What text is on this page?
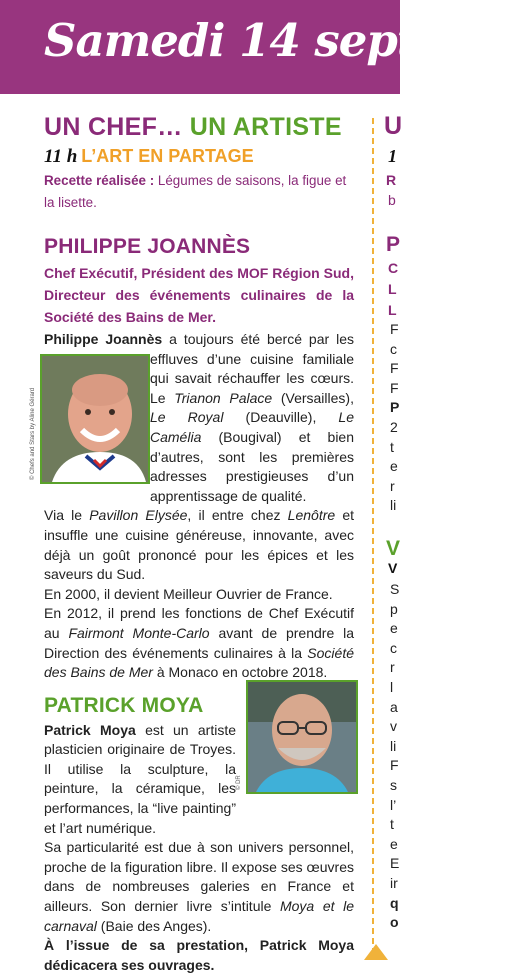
Samedi 14 septemb
UN CHEF… UN ARTISTE
11 h L’ART EN PARTAGE
Recette réalisée : Légumes de saisons, la figue et la lisette.
PHILIPPE JOANNÈS
Chef Exécutif, Président des MOF Région Sud, Directeur des événements culinaires de la Société des Bains de Mer.
Philippe Joannès a toujours été bercé par les effluves d’une cuisine familiale qui savait réchauffer les cœurs. Le Trianon Palace (Versailles), Le Royal (Deauville), Le Camélia (Bougival) et bien d’autres, sont les premières adresses prestigieuses d’un apprentissage de qualité.
Via le Pavillon Elysée, il entre chez Lenôtre et insuffle une cuisine généreuse, innovante, avec déjà un goût prononcé pour les épices et les saveurs du Sud.
En 2000, il devient Meilleur Ouvrier de France.
En 2012, il prend les fonctions de Chef Exécutif au Fairmont Monte-Carlo avant de prendre la Direction des événements culinaires à la Société des Bains de Mer à Monaco en octobre 2018.
PATRICK MOYA
Patrick Moya est un artiste plasticien originaire de Troyes. Il utilise la sculpture, la peinture, la céramique, les performances, la “live painting” et l’art numérique.
Sa particularité est due à son univers personnel, proche de la figuration libre. Il expose ses œuvres dans de nombreuses galeries en France et ailleurs. Son dernier livre s’intitule Moya et le carnaval (Baie des Anges).
À l’issue de sa prestation, Patrick Moya dédicacera ses ouvrages.
© Chefs and Stars by Aline Gérard
© DR
U
1
R
b
P
C
L
L
F
c
F
F
P
2
t
e
r
li
V
V
S
p
e
c
r
l
a
v
li
F
s
l’
t
e
E
ir
q
o
